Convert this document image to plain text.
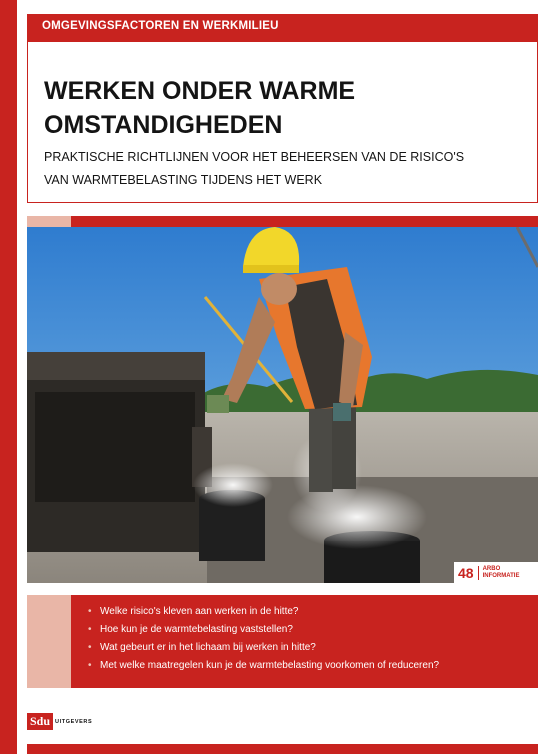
OMGEVINGSFACTOREN EN WERKMILIEU
WERKEN ONDER WARME
OMSTANDIGHEDEN
PRAKTISCHE RICHTLIJNEN VOOR HET BEHEERSEN VAN DE RISICO'S
VAN WARMTEBELASTING TIJDENS HET WERK
48 ARBO
INFORMATIE
• Welke risico's kleven aan werken in de hitte?
• Hoe kun je de warmtebelasting vaststellen?
• Wat gebeurt er in het lichaam bij werken in hitte?
• Met welke maatregelen kun je de warmtebelasting voorkomen of reduceren?
Sdu UITGEVERS
